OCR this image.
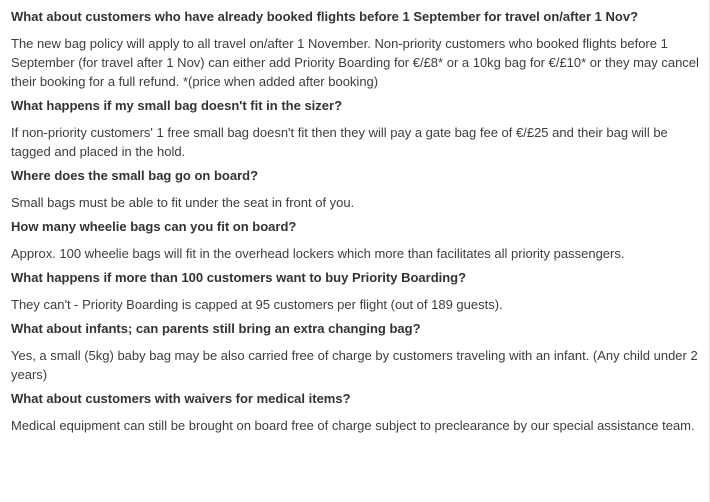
What about customers who have already booked flights before 1 September for travel on/after 1 Nov?
The new bag policy will apply to all travel on/after 1 November. Non-priority customers who booked flights before 1 September (for travel after 1 Nov) can either add Priority Boarding for €/£8* or a 10kg bag for €/£10* or they may cancel their booking for a full refund. *(price when added after booking)
What happens if my small bag doesn't fit in the sizer?
If non-priority customers' 1 free small bag doesn't fit then they will pay a gate bag fee of €/£25 and their bag will be tagged and placed in the hold.
Where does the small bag go on board?
Small bags must be able to fit under the seat in front of you.
How many wheelie bags can you fit on board?
Approx. 100 wheelie bags will fit in the overhead lockers which more than facilitates all priority passengers.
What happens if more than 100 customers want to buy Priority Boarding?
They can't - Priority Boarding is capped at 95 customers per flight (out of 189 guests).
What about infants; can parents still bring an extra changing bag?
Yes, a small (5kg) baby bag may be also carried free of charge by customers traveling with an infant. (Any child under 2 years)
What about customers with waivers for medical items?
Medical equipment can still be brought on board free of charge subject to preclearance by our special assistance team.
